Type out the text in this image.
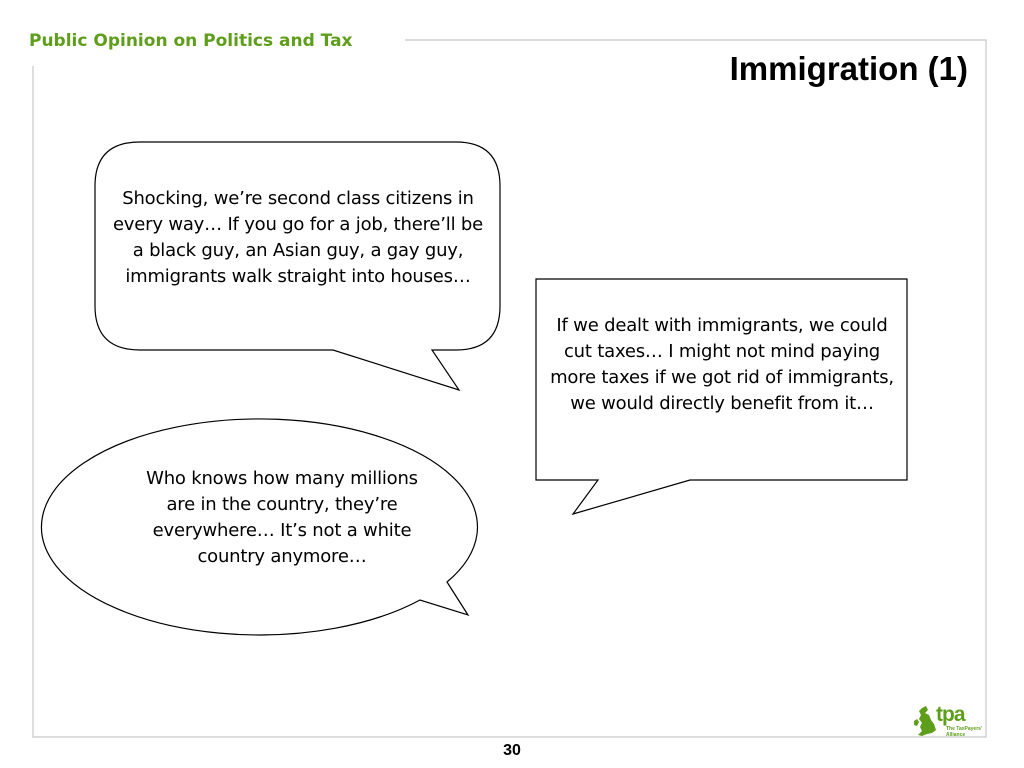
Public Opinion on Politics and Tax
Immigration (1)
Shocking, we’re second class citizens in every way… If you go for a job, there’ll be a black guy, an Asian guy, a gay guy, immigrants walk straight into houses…
If we dealt with immigrants, we could cut taxes… I might not mind paying more taxes if we got rid of immigrants, we would directly benefit from it…
Who knows how many millions are in the country, they’re everywhere… It’s not a white country anymore…
30
tpa
The TaxPayers' Alliance
